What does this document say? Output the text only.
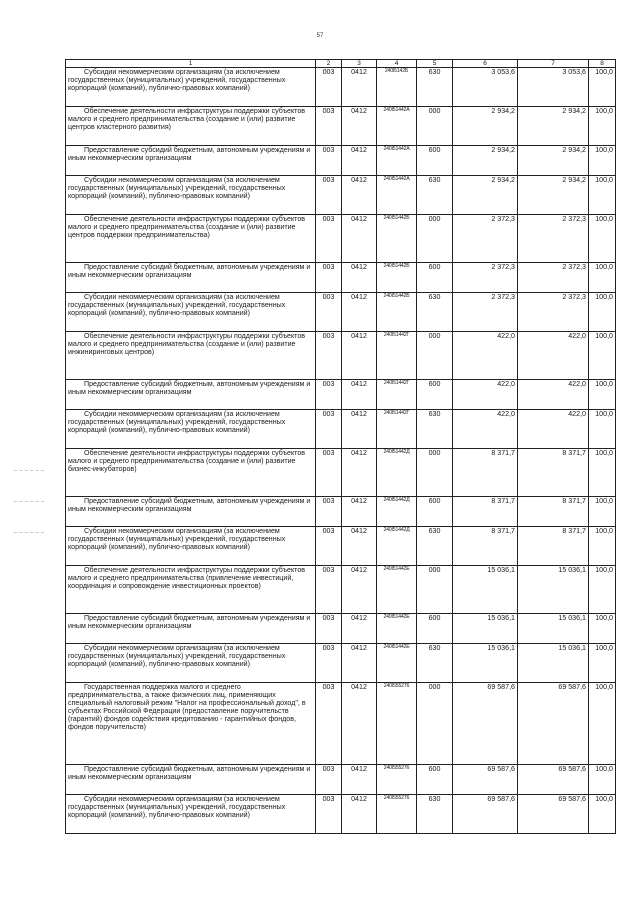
57
1	2	3	4	5	6	7	8

Субсидии некоммерческим организациям (за исключением государственных (муниципальных) учреждений, государственных корпораций (компаний), публично-правовых компаний)	003	0412	240I5142Б	630	3 053,6	3 053,6	100,0

Обеспечение деятельности инфраструктуры поддержки субъектов малого и среднего предпринимательства (создание и (или) развитие центров кластерного развития)	003	0412	240I51442А	000	2 934,2	2 934,2	100,0

Предоставление субсидий бюджетным, автономным учреждениям и иным некоммерческим организациям	003	0412	240I51442А	600	2 934,2	2 934,2	100,0

Субсидии некоммерческим организациям (за исключением государственных (муниципальных) учреждений, государственных корпораций (компаний), публично-правовых компаний)	003	0412	240I51442А	630	2 934,2	2 934,2	100,0

Обеспечение деятельности инфраструктуры поддержки субъектов малого и среднего предпринимательства (создание и (или) развитие центров поддержки предпринимательства)	003	0412	240I51442Б	000	2 372,3	2 372,3	100,0

Предоставление субсидий бюджетным, автономным учреждениям и иным некоммерческим организациям	003	0412	240I51442Б	600	2 372,3	2 372,3	100,0

Субсидии некоммерческим организациям (за исключением государственных (муниципальных) учреждений, государственных корпораций (компаний), публично-правовых компаний)	003	0412	240I51442Б	630	2 372,3	2 372,3	100,0

Обеспечение деятельности инфраструктуры поддержки субъектов малого и среднего предпринимательства (создание и (или) развитие инжиниринговых центров)	003	0412	240I51442Г	000	422,0	422,0	100,0

Предоставление субсидий бюджетным, автономным учреждениям и иным некоммерческим организациям	003	0412	240I51442Г	600	422,0	422,0	100,0

Субсидии некоммерческим организациям (за исключением государственных (муниципальных) учреждений, государственных корпораций (компаний), публично-правовых компаний)	003	0412	240I51442Г	630	422,0	422,0	100,0

Обеспечение деятельности инфраструктуры поддержки субъектов малого и среднего предпринимательства (создание и (или) развитие бизнес-инкубаторов)	003	0412	240I51442Д	000	8 371,7	8 371,7	100,0

Предоставление субсидий бюджетным, автономным учреждениям и иным некоммерческим организациям	003	0412	240I51442Д	600	8 371,7	8 371,7	100,0

Субсидии некоммерческим организациям (за исключением государственных (муниципальных) учреждений, государственных корпораций (компаний), публично-правовых компаний)	003	0412	240I51442Д	630	8 371,7	8 371,7	100,0

Обеспечение деятельности инфраструктуры поддержки субъектов малого и среднего предпринимательства (привлечение инвестиций, координация и сопровождение инвестиционных проектов)	003	0412	240I51442Е	000	15 036,1	15 036,1	100,0

Предоставление субсидий бюджетным, автономным учреждениям и иным некоммерческим организациям	003	0412	240I51442Е	600	15 036,1	15 036,1	100,0

Субсидии некоммерческим организациям (за исключением государственных (муниципальных) учреждений, государственных корпораций (компаний), публично-правовых компаний)	003	0412	240I51442Е	630	15 036,1	15 036,1	100,0

Государственная поддержка малого и среднего предпринимательства, а также физических лиц, применяющих специальный налоговый режим "Налог на профессиональный доход", в субъектах Российской Федерации (предоставление поручительств (гарантий) фондов содействия кредитованию - гарантийных фондов, фондов поручительств)	003	0412	240I555276	000	69 587,6	69 587,6	100,0

Предоставление субсидий бюджетным, автономным учреждениям и иным некоммерческим организациям	003	0412	240I555276	600	69 587,6	69 587,6	100,0

Субсидии некоммерческим организациям (за исключением государственных (муниципальных) учреждений, государственных корпораций (компаний), публично-правовых компаний)	003	0412	240I555276	630	69 587,6	69 587,6	100,0
